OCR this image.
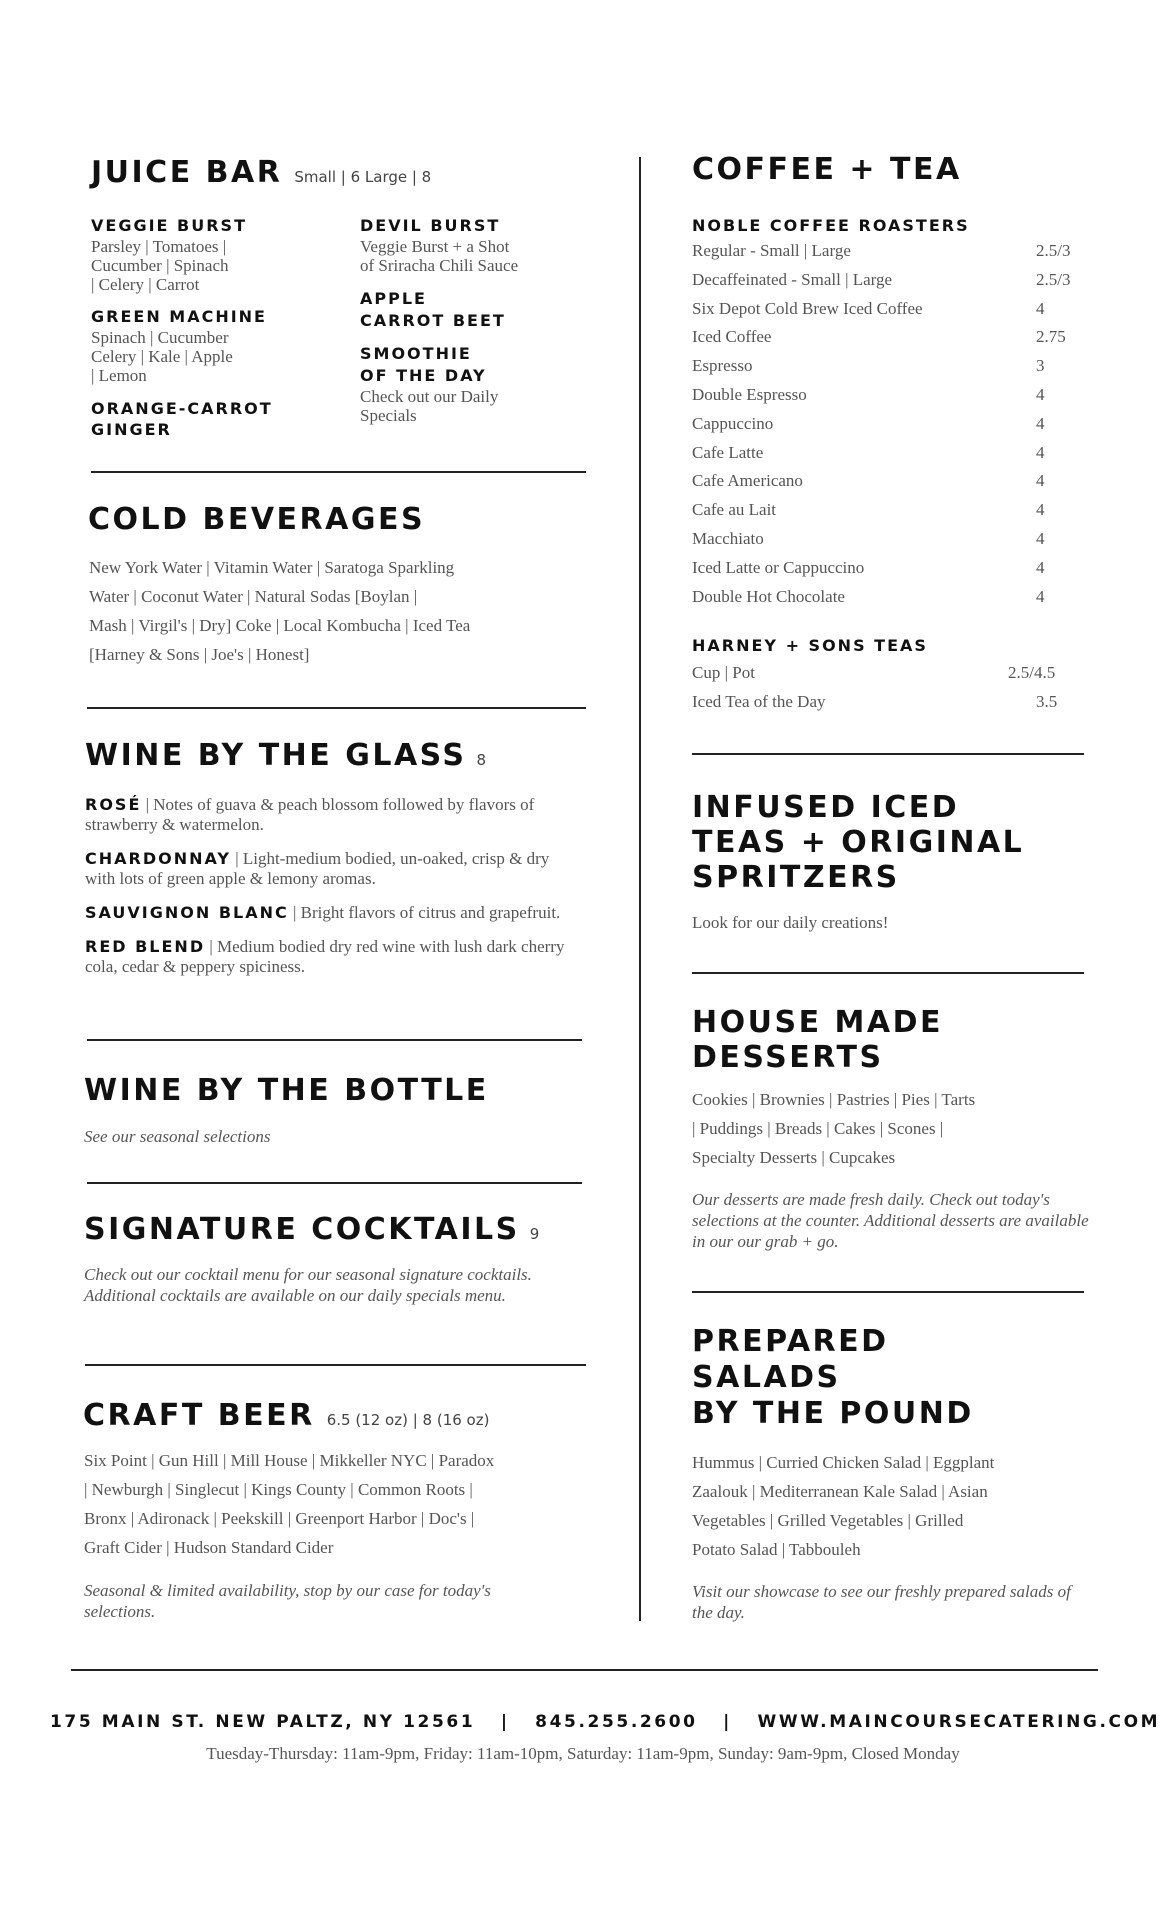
JUICE BAR Small | 6 Large | 8
VEGGIE BURST
Parsley | Tomatoes |
Cucumber | Spinach
| Celery | Carrot
GREEN MACHINE
Spinach | Cucumber
Celery | Kale | Apple
| Lemon
ORANGE-CARROT
GINGER
DEVIL BURST
Veggie Burst + a Shot
of Sriracha Chili Sauce
APPLE
CARROT BEET
SMOOTHIE
OF THE DAY
Check out our Daily
Specials
COLD BEVERAGES
New York Water | Vitamin Water | Saratoga Sparkling
Water | Coconut Water | Natural Sodas [Boylan |
Mash | Virgil's | Dry] Coke | Local Kombucha | Iced Tea
[Harney & Sons | Joe's | Honest]
WINE BY THE GLASS 8
ROSÉ | Notes of guava & peach blossom followed by flavors of strawberry & watermelon.
CHARDONNAY | Light-medium bodied, un-oaked, crisp & dry with lots of green apple & lemony aromas.
SAUVIGNON BLANC | Bright flavors of citrus and grapefruit.
RED BLEND | Medium bodied dry red wine with lush dark cherry cola, cedar & peppery spiciness.
WINE BY THE BOTTLE
See our seasonal selections
SIGNATURE COCKTAILS 9
Check out our cocktail menu for our seasonal signature cocktails. Additional cocktails are available on our daily specials menu.
CRAFT BEER 6.5 (12 oz) | 8 (16 oz)
Six Point | Gun Hill | Mill House | Mikkeller NYC | Paradox
| Newburgh | Singlecut | Kings County | Common Roots |
Bronx | Adironack | Peekskill | Greenport Harbor | Doc's |
Graft Cider | Hudson Standard Cider
Seasonal & limited availability, stop by our case for today's selections.
COFFEE + TEA
NOBLE COFFEE ROASTERS
Regular - Small | Large	2.5/3
Decaffeinated - Small | Large	2.5/3
Six Depot Cold Brew Iced Coffee	4
Iced Coffee	2.75
Espresso	3
Double Espresso	4
Cappuccino	4
Cafe Latte	4
Cafe Americano	4
Cafe au Lait	4
Macchiato	4
Iced Latte or Cappuccino	4
Double Hot Chocolate	4
HARNEY + SONS TEAS
Cup | Pot	2.5/4.5
Iced Tea of the Day	3.5
INFUSED ICED
TEAS + ORIGINAL
SPRITZERS
Look for our daily creations!
HOUSE MADE
DESSERTS
Cookies | Brownies | Pastries | Pies | Tarts
| Puddings | Breads | Cakes | Scones |
Specialty Desserts | Cupcakes
Our desserts are made fresh daily. Check out today's selections at the counter. Additional desserts are available in our our grab + go.
PREPARED
SALADS
BY THE POUND
Hummus | Curried Chicken Salad | Eggplant
Zaalouk | Mediterranean Kale Salad | Asian
Vegetables | Grilled Vegetables | Grilled
Potato Salad | Tabbouleh
Visit our showcase to see our freshly prepared salads of the day.
175 MAIN ST. NEW PALTZ, NY 12561   |   845.255.2600   |   WWW.MAINCOURSECATERING.COM
Tuesday-Thursday: 11am-9pm, Friday: 11am-10pm, Saturday: 11am-9pm, Sunday: 9am-9pm, Closed Monday
